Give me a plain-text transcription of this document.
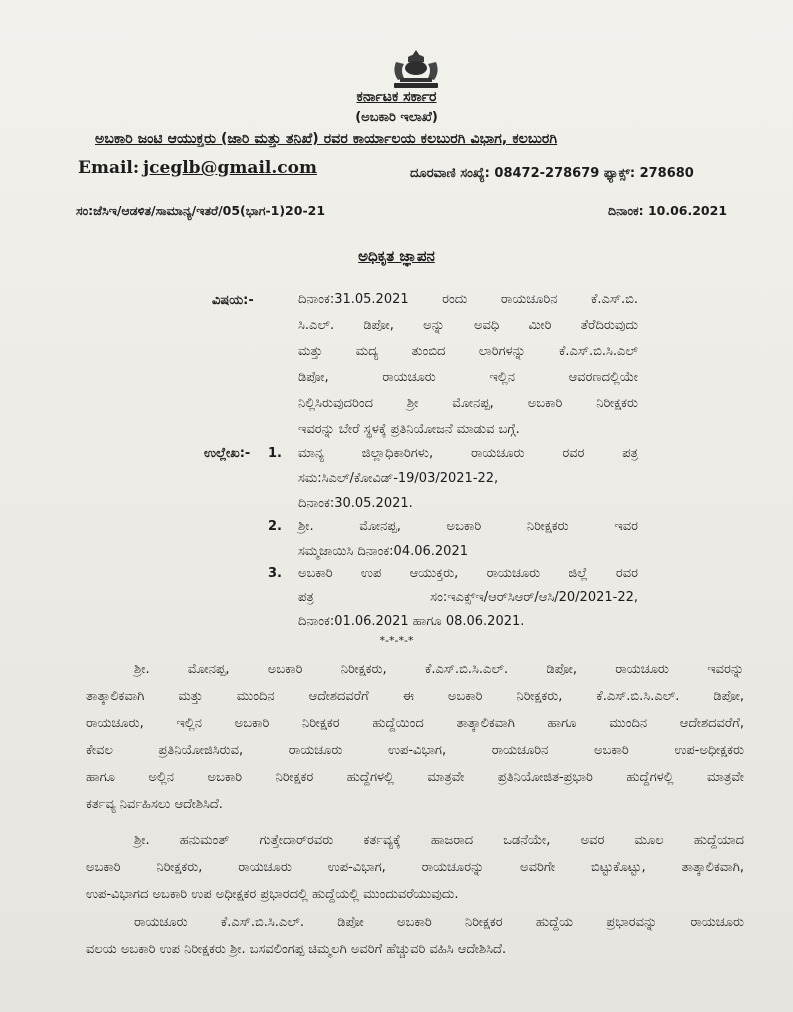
ಕರ್ನಾಟಕ ಸರ್ಕಾರ
(ಅಬಕಾರಿ ಇಲಾಖೆ)
ಅಬಕಾರಿ ಜಂಟಿ ಆಯುಕ್ತರು (ಜಾರಿ ಮತ್ತು ತನಿಖೆ) ರವರ ಕಾರ್ಯಾಲಯ ಕಲಬುರಗಿ ವಿಭಾಗ, ಕಲಬುರಗಿ
Email: jceglb@gmail.com	ದೂರವಾಣಿ ಸಂಖ್ಯೆ: 08472-278679 ಫ್ಯಾಕ್ಸ್: 278680
ಸಂ:ಜೆಸಿಇ/ಆಡಳಿತ/ಸಾಮಾನ್ಯ/ಇತರೆ/05(ಭಾಗ-1)20-21	ದಿನಾಂಕ: 10.06.2021
ಅಧಿಕೃತ ಜ್ಞಾಪನ
ವಿಷಯ:-	ದಿನಾಂಕ:31.05.2021 ರಂದು ರಾಯಚೂರಿನ ಕೆ.ಎಸ್.ಬಿ.
ಸಿ.ಎಲ್. ಡಿಪೋ, ಅನ್ನು ಅವಧಿ ಮೀರಿ ತೆರೆದಿರುವುದು
ಮತ್ತು ಮದ್ಯ ತುಂಬಿದ ಲಾರಿಗಳನ್ನು ಕೆ.ಎಸ್.ಬಿ.ಸಿ.ಎಲ್
ಡಿಪೋ, ರಾಯಚೂರು ಇಲ್ಲಿನ ಆವರಣದಲ್ಲಿಯೇ
ನಿಲ್ಲಿಸಿರುವುದರಿಂದ ಶ್ರೀ ಮೋನಪ್ಪ, ಅಬಕಾರಿ ನಿರೀಕ್ಷಕರು
ಇವರನ್ನು ಬೇರೆ ಸ್ಥಳಕ್ಕೆ ಪ್ರತಿನಿಯೋಜನೆ ಮಾಡುವ ಬಗ್ಗೆ.
ಉಲ್ಲೇಖ:- 1. ಮಾನ್ಯ ಜಿಲ್ಲಾಧಿಕಾರಿಗಳು, ರಾಯಚೂರು ರವರ ಪತ್ರ
ಸಮ:ಸಿಎಲ್/ಕೋವಿಡ್-19/03/2021-22,
ದಿನಾಂಕ:30.05.2021.
2. ಶ್ರೀ. ಮೋನಪ್ಪ, ಅಬಕಾರಿ ನಿರೀಕ್ಷಕರು ಇವರ
ಸಮ್ಮಜಾಯಿಸಿ ದಿನಾಂಕ:04.06.2021
3. ಅಬಕಾರಿ ಉಪ ಆಯುಕ್ತರು, ರಾಯಚೂರು ಜಿಲ್ಲೆ ರವರ
ಪತ್ರ ಸಂ:ಇಎಕ್ಸ್ಇ/ಆರ್‌ಸಿಆರ್/ಆಸಿ/20/2021-22,
ದಿನಾಂಕ:01.06.2021 ಹಾಗೂ 08.06.2021.
*-*-*-*
ಶ್ರೀ. ಮೋನಪ್ಪ, ಅಬಕಾರಿ ನಿರೀಕ್ಷಕರು, ಕೆ.ಎಸ್.ಬಿ.ಸಿ.ಎಲ್. ಡಿಪೋ, ರಾಯಚೂರು ಇವರನ್ನು
ತಾತ್ಕಾಲಿಕವಾಗಿ ಮತ್ತು ಮುಂದಿನ ಆದೇಶದವರೆಗೆ ಈ ಅಬಕಾರಿ ನಿರೀಕ್ಷಕರು, ಕೆ.ಎಸ್.ಬಿ.ಸಿ.ಎಲ್. ಡಿಪೋ,
ರಾಯಚೂರು, ಇಲ್ಲಿನ ಅಬಕಾರಿ ನಿರೀಕ್ಷಕರ ಹುದ್ದೆಯಿಂದ ತಾತ್ಕಾಲಿಕವಾಗಿ ಹಾಗೂ ಮುಂದಿನ ಆದೇಶದವರೆಗೆ,
ಕೇವಲ ಪ್ರತಿನಿಯೋಜಿಸಿರುವ, ರಾಯಚೂರು ಉಪ-ವಿಭಾಗ, ರಾಯಚೂರಿನ ಅಬಕಾರಿ ಉಪ-ಅಧೀಕ್ಷಕರು
ಹಾಗೂ ಅಲ್ಲಿನ ಅಬಕಾರಿ ನಿರೀಕ್ಷಕರ ಹುದ್ದೆಗಳಲ್ಲಿ ಮಾತ್ರವೇ ಪ್ರತಿನಿಯೋಜಿತ-ಪ್ರಭಾರಿ ಹುದ್ದೆಗಳಲ್ಲಿ ಮಾತ್ರವೇ
ಕರ್ತವ್ಯ ನಿರ್ವಹಿಸಲು ಆದೇಶಿಸಿದೆ.
ಶ್ರೀ. ಹನುಮಂತ್ ಗುತ್ತೇದಾರ್‌ರವರು ಕರ್ತವ್ಯಕ್ಕೆ ಹಾಜರಾದ ಒಡನೆಯೇ, ಅವರ ಮೂಲ ಹುದ್ದೆಯಾದ
ಅಬಕಾರಿ ನಿರೀಕ್ಷಕರು, ರಾಯಚೂರು ಉಪ-ವಿಭಾಗ, ರಾಯಚೂರನ್ನು ಅವರಿಗೇ ಬಿಟ್ಟುಕೊಟ್ಟು, ತಾತ್ಕಾಲಿಕವಾಗಿ,
ಉಪ-ವಿಭಾಗದ ಅಬಕಾರಿ ಉಪ ಅಧೀಕ್ಷಕರ ಪ್ರಭಾರದಲ್ಲಿ ಹುದ್ದೆಯಲ್ಲಿ ಮುಂದುವರೆಯುವುದು.
ರಾಯಚೂರು ಕೆ.ಎಸ್.ಬಿ.ಸಿ.ಎಲ್. ಡಿಪೋ ಅಬಕಾರಿ ನಿರೀಕ್ಷಕರ ಹುದ್ದೆಯ ಪ್ರಭಾರವನ್ನು ರಾಯಚೂರು
ವಲಯ ಅಬಕಾರಿ ಉಪ ನಿರೀಕ್ಷಕರು ಶ್ರೀ. ಬಸವಲಿಂಗಪ್ಪ ಚಿಮ್ಮಲಗಿ ಅವರಿಗೆ ಹೆಚ್ಚುವರಿ ವಹಿಸಿ ಆದೇಶಿಸಿದೆ.
